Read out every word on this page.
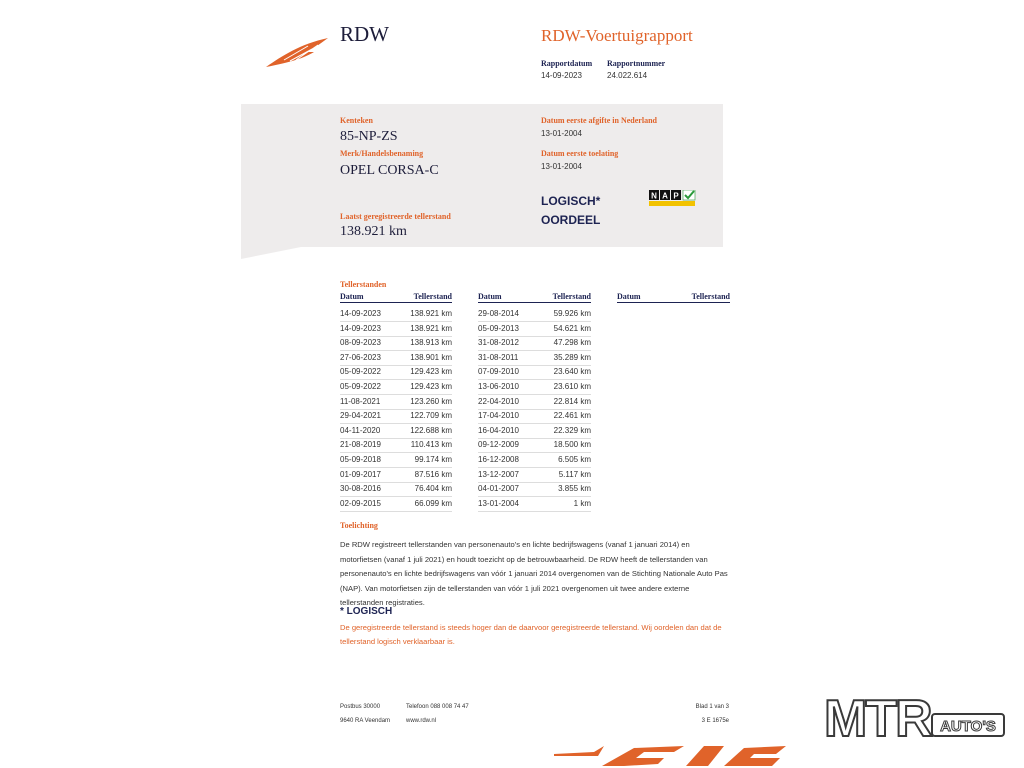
RDW	RDW-Voertuigrapport
Rapportdatum
14-09-2023
Rapportnummer
24.022.614
Kenteken
85-NP-ZS
Merk/Handelsbenaming
OPEL CORSA-C
Laatst geregistreerde tellerstand
138.921 km
Datum eerste afgifte in Nederland
13-01-2004
Datum eerste toelating
13-01-2004
LOGISCH*
OORDEEL
N A P
Tellerstanden
Datum	Tellerstand	Datum	Tellerstand	Datum	Tellerstand
14-09-2023	138.921 km
14-09-2023	138.921 km
08-09-2023	138.913 km
27-06-2023	138.901 km
05-09-2022	129.423 km
05-09-2022	129.423 km
11-08-2021	123.260 km
29-04-2021	122.709 km
04-11-2020	122.688 km
21-08-2019	110.413 km
05-09-2018	99.174 km
01-09-2017	87.516 km
30-08-2016	76.404 km
02-09-2015	66.099 km
29-08-2014	59.926 km
05-09-2013	54.621 km
31-08-2012	47.298 km
31-08-2011	35.289 km
07-09-2010	23.640 km
13-06-2010	23.610 km
22-04-2010	22.814 km
17-04-2010	22.461 km
16-04-2010	22.329 km
09-12-2009	18.500 km
16-12-2008	6.505 km
13-12-2007	5.117 km
04-01-2007	3.855 km
13-01-2004	1 km
Toelichting
De RDW registreert tellerstanden van personenauto's en lichte bedrijfswagens (vanaf 1 januari 2014) en motorfietsen (vanaf 1 juli 2021) en houdt toezicht op de betrouwbaarheid. De RDW heeft de tellerstanden van personenauto's en lichte bedrijfswagens van vóór 1 januari 2014 overgenomen van de Stichting Nationale Auto Pas (NAP). Van motorfietsen zijn de tellerstanden van vóór 1 juli 2021 overgenomen uit twee andere externe tellerstanden registraties.
* LOGISCH
De geregistreerde tellerstand is steeds hoger dan de daarvoor geregistreerde tellerstand. Wij oordelen dan dat de tellerstand logisch verklaarbaar is.
Postbus 30000
9640 RA Veendam
Telefoon 088 008 74 47
www.rdw.nl
Blad 1 van 3
3 E 1675e MTR AUTO'S
